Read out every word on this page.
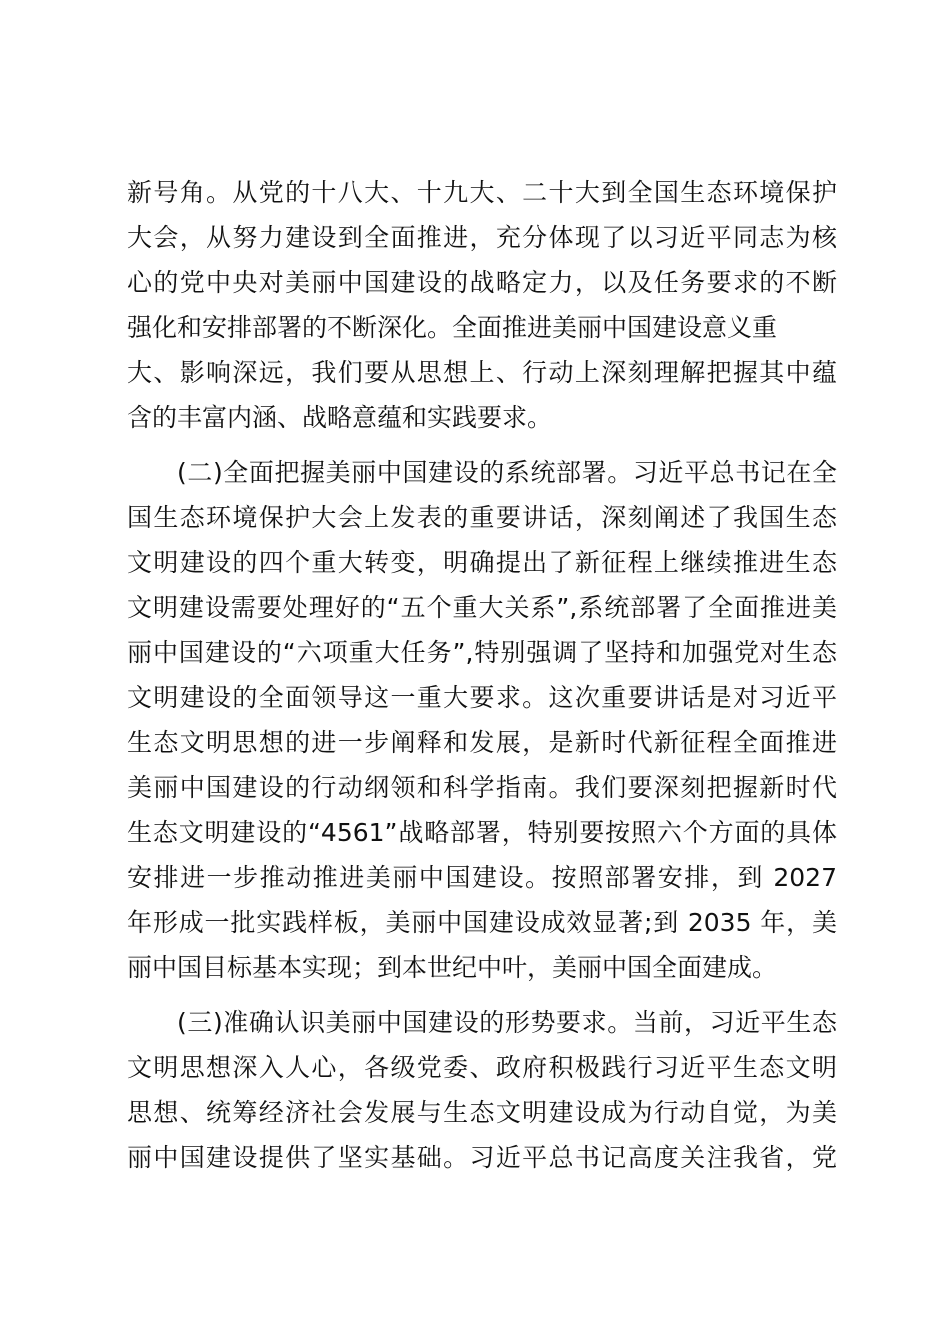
新号角。从党的十八大、十九大、二十大到全国生态环境保护
大会，从努力建设到全面推进，充分体现了以习近平同志为核
心的党中央对美丽中国建设的战略定力，以及任务要求的不断
强化和安排部署的不断深化。全面推进美丽中国建设意义重
大、影响深远，我们要从思想上、行动上深刻理解把握其中蕴
含的丰富内涵、战略意蕴和实践要求。
(二)全面把握美丽中国建设的系统部署。习近平总书记在全
国生态环境保护大会上发表的重要讲话，深刻阐述了我国生态
文明建设的四个重大转变，明确提出了新征程上继续推进生态
文明建设需要处理好的“五个重大关系”,系统部署了全面推进美
丽中国建设的“六项重大任务”,特别强调了坚持和加强党对生态
文明建设的全面领导这一重大要求。这次重要讲话是对习近平
生态文明思想的进一步阐释和发展，是新时代新征程全面推进
美丽中国建设的行动纲领和科学指南。我们要深刻把握新时代
生态文明建设的“4561”战略部署，特别要按照六个方面的具体
安排进一步推动推进美丽中国建设。按照部署安排，到 2027
年形成一批实践样板，美丽中国建设成效显著;到 2035 年，美
丽中国目标基本实现；到本世纪中叶，美丽中国全面建成。
(三)准确认识美丽中国建设的形势要求。当前，习近平生态
文明思想深入人心，各级党委、政府积极践行习近平生态文明
思想、统筹经济社会发展与生态文明建设成为行动自觉，为美
丽中国建设提供了坚实基础。习近平总书记高度关注我省，党
